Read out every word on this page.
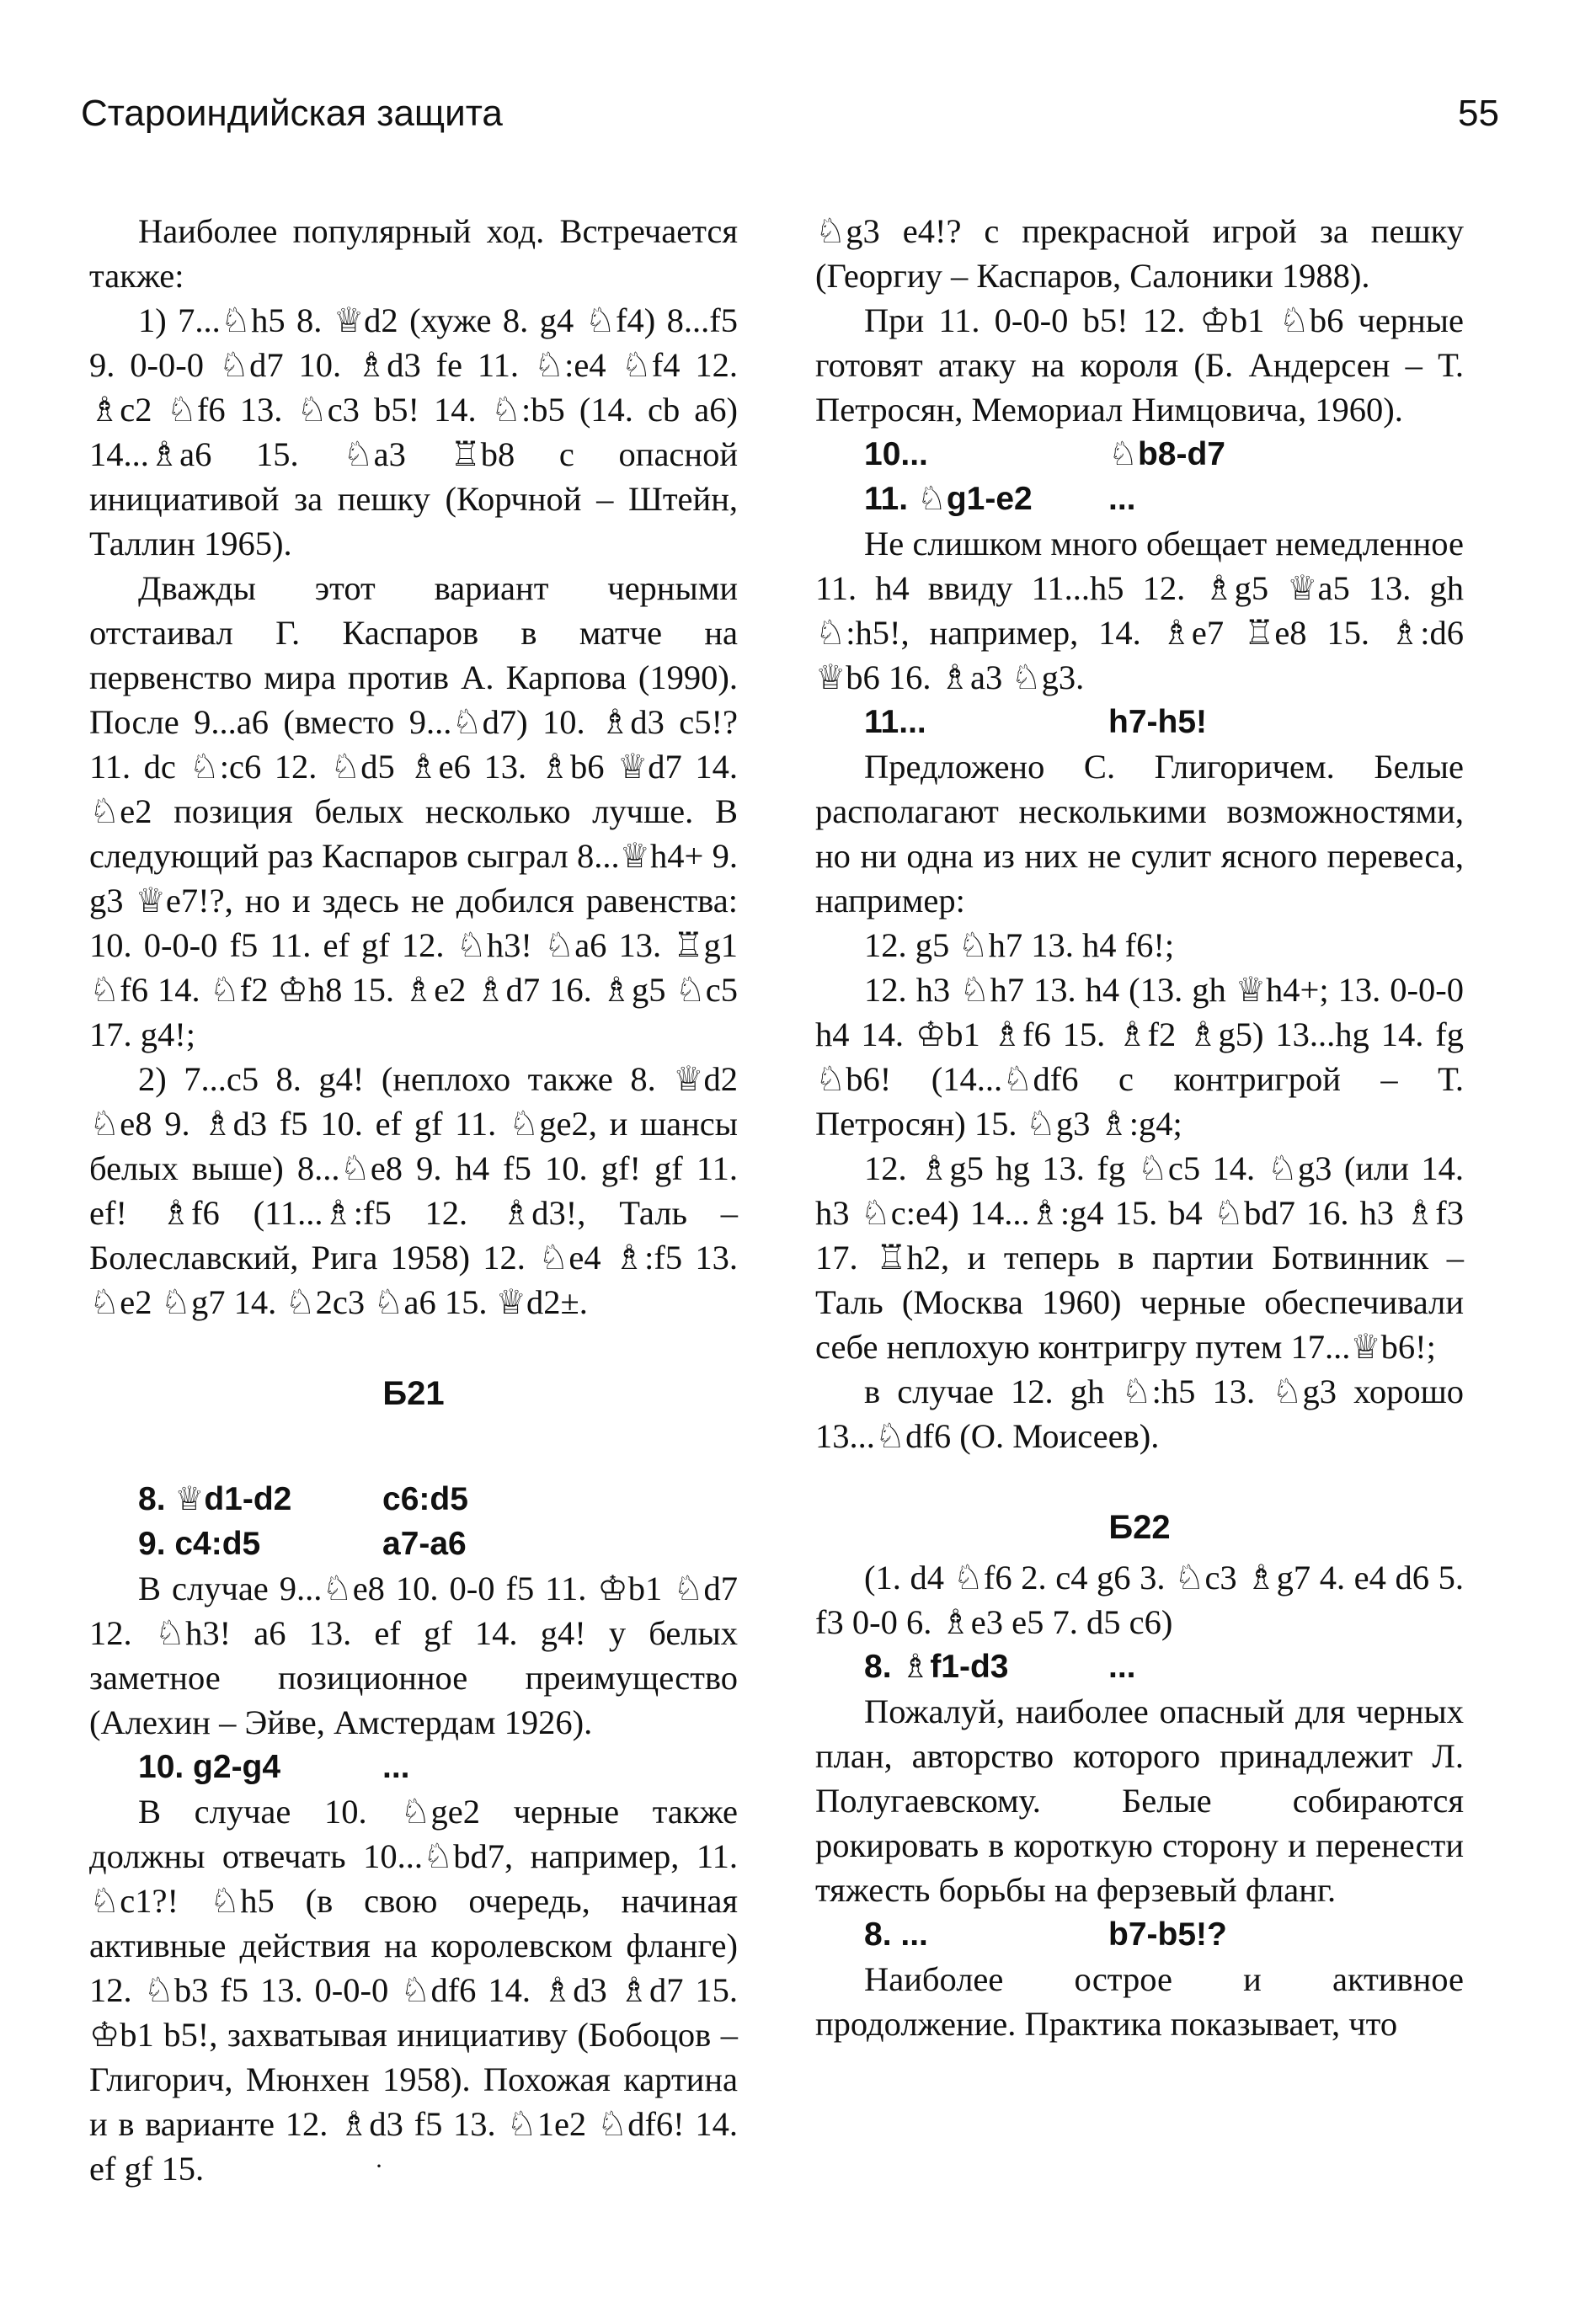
Староиндийская защита	55

Наиболее популярный ход. Встречается также:

1) 7...♘h5 8. ♕d2 (хуже 8. g4 ♘f4) 8...f5 9. 0-0-0 ♘d7 10. ♗d3 fe 11. ♘:e4 ♘f4 12. ♗c2 ♘f6 13. ♘c3 b5! 14. ♘:b5 (14. cb a6) 14...♗a6 15. ♘a3 ♖b8 с опасной инициативой за пешку (Корчной – Штейн, Таллин 1965).

Дважды этот вариант черными отстаивал Г. Каспаров в матче на первенство мира против А. Карпова (1990). После 9...a6 (вместо 9...♘d7) 10. ♗d3 c5!? 11. dc ♘:c6 12. ♘d5 ♗e6 13. ♗b6 ♕d7 14. ♘e2 позиция белых несколько лучше. В следующий раз Каспаров сыграл 8...♕h4+ 9. g3 ♕e7!?, но и здесь не добился равенства: 10. 0-0-0 f5 11. ef gf 12. ♘h3! ♘a6 13. ♖g1 ♘f6 14. ♘f2 ♔h8 15. ♗e2 ♗d7 16. ♗g5 ♘c5 17. g4!;

2) 7...c5 8. g4! (неплохо также 8. ♕d2 ♘e8 9. ♗d3 f5 10. ef gf 11. ♘ge2, и шансы белых выше) 8...♘e8 9. h4 f5 10. gf! gf 11. ef! ♗f6 (11...♗:f5 12. ♗d3!, Таль – Болеславский, Рига 1958) 12. ♘e4 ♗:f5 13. ♘e2 ♘g7 14. ♘2c3 ♘a6 15. ♕d2±.

Б21
8. ♕d1-d2	c6:d5
9. c4:d5	a7-a6

В случае 9...♘e8 10. 0-0 f5 11. ♔b1 ♘d7 12. ♘h3! a6 13. ef gf 14. g4! у белых заметное позиционное преимущество (Алехин – Эйве, Амстердам 1926).

10. g2-g4	...

В случае 10. ♘ge2 черные также должны отвечать 10...♘bd7, например, 11. ♘c1?! ♘h5 (в свою очередь, начиная активные действия на королевском фланге) 12. ♘b3 f5 13. 0-0-0 ♘df6 14. ♗d3 ♗d7 15. ♔b1 b5!, захватывая инициативу (Бобоцов – Глигорич, Мюнхен 1958). Похожая картина и в варианте 12. ♗d3 f5 13. ♘1e2 ♘df6! 14. ef gf 15.

♘g3 e4!? с прекрасной игрой за пешку (Георгиу – Каспаров, Салоники 1988).

При 11. 0-0-0 b5! 12. ♔b1 ♘b6 черные готовят атаку на короля (Б. Андерсен – Т. Петросян, Мемориал Нимцовича, 1960).

10...	♘b8-d7
11. ♘g1-e2	...

Не слишком много обещает немедленное 11. h4 ввиду 11...h5 12. ♗g5 ♕a5 13. gh ♘:h5!, например, 14. ♗e7 ♖e8 15. ♗:d6 ♕b6 16. ♗a3 ♘g3.

11...	h7-h5!

Предложено С. Глигоричем. Белые располагают несколькими возможностями, но ни одна из них не сулит ясного перевеса, например:

12. g5 ♘h7 13. h4 f6!;

12. h3 ♘h7 13. h4 (13. gh ♕h4+; 13. 0-0-0 h4 14. ♔b1 ♗f6 15. ♗f2 ♗g5) 13...hg 14. fg ♘b6! (14...♘df6 с контригрой – Т. Петросян) 15. ♘g3 ♗:g4;

12. ♗g5 hg 13. fg ♘c5 14. ♘g3 (или 14. h3 ♘c:e4) 14...♗:g4 15. b4 ♘bd7 16. h3 ♗f3 17. ♖h2, и теперь в партии Ботвинник – Таль (Москва 1960) черные обеспечивали себе неплохую контригру путем 17...♕b6!;

в случае 12. gh ♘:h5 13. ♘g3 хорошо 13...♘df6 (О. Моисеев).

Б22

(1. d4 ♘f6 2. c4 g6 3. ♘c3 ♗g7 4. e4 d6 5. f3 0-0 6. ♗e3 e5 7. d5 c6)

8. ♗f1-d3	...

Пожалуй, наиболее опасный для черных план, авторство которого принадлежит Л. Полугаевскому. Белые собираются рокировать в короткую сторону и перенести тяжесть борьбы на ферзевый фланг.

8. ...	b7-b5!?

Наиболее острое и активное продолжение. Практика показывает, что

·
